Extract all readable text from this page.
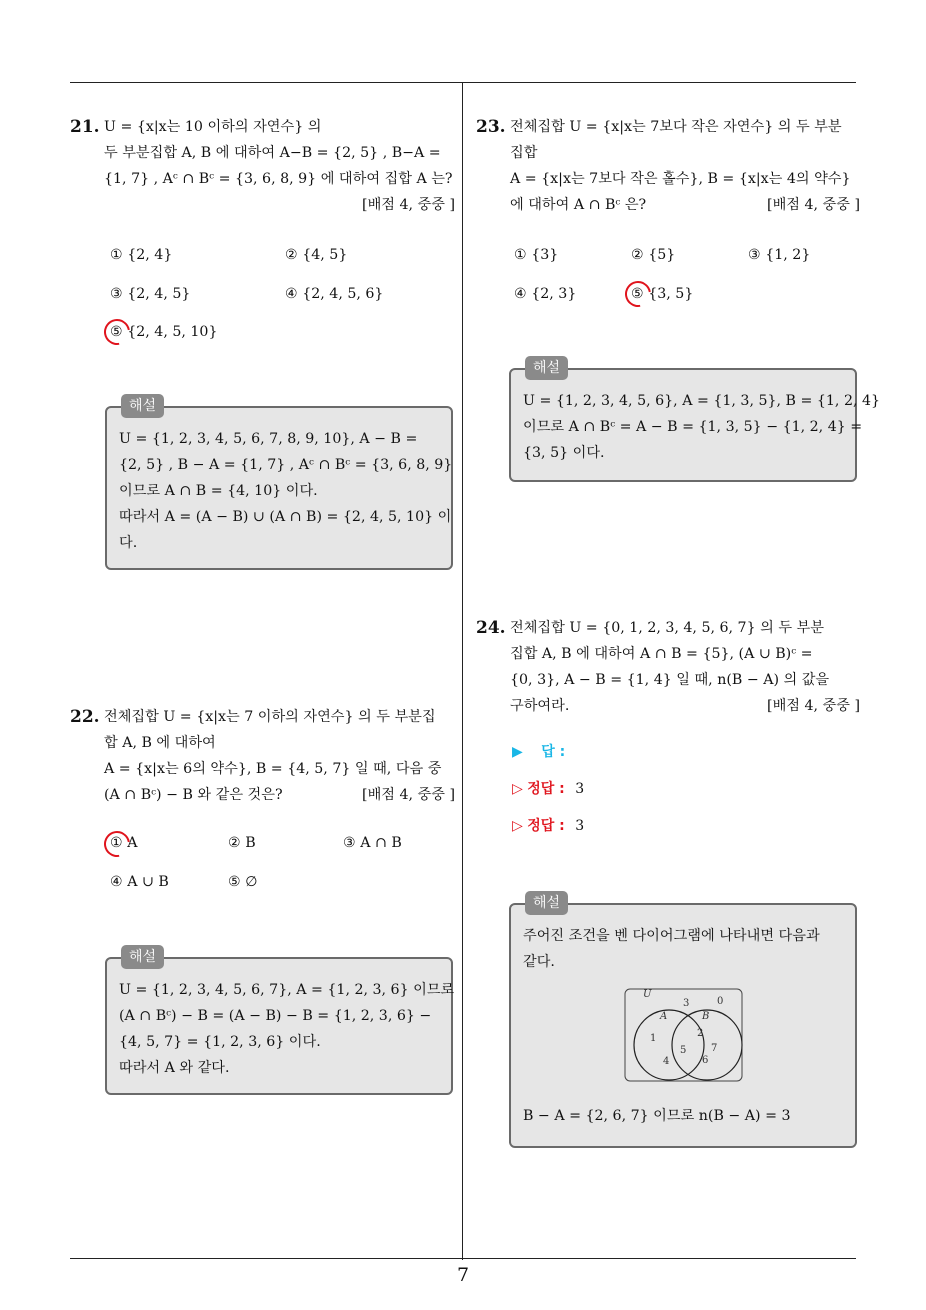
7
21. U = {x|x는 10 이하의 자연수} 의
두 부분집합 A, B 에 대하여 A−B = {2, 5} , B−A =
{1, 7} , Aᶜ ∩ Bᶜ = {3, 6, 8, 9} 에 대하여 집합 A 는?
[배점 4, 중중 ]
① {2, 4}	② {4, 5}
③ {2, 4, 5}	④ {2, 4, 5, 6}
⑤ {2, 4, 5, 10}
해설
U = {1, 2, 3, 4, 5, 6, 7, 8, 9, 10}, A − B =
{2, 5} , B − A = {1, 7} , Aᶜ ∩ Bᶜ = {3, 6, 8, 9}
이므로 A ∩ B = {4, 10} 이다.
따라서 A = (A − B) ∪ (A ∩ B) = {2, 4, 5, 10} 이
다.
22. 전체집합 U = {x|x는 7 이하의 자연수} 의 두 부분집
합 A, B 에 대하여
A = {x|x는 6의 약수}, B = {4, 5, 7} 일 때, 다음 중
(A ∩ Bᶜ) − B 와 같은 것은?	[배점 4, 중중 ]
① A	② B	③ A ∩ B
④ A ∪ B	⑤ ∅
해설
U = {1, 2, 3, 4, 5, 6, 7}, A = {1, 2, 3, 6} 이므로
(A ∩ Bᶜ) − B = (A − B) − B = {1, 2, 3, 6} −
{4, 5, 7} = {1, 2, 3, 6} 이다.
따라서 A 와 같다.
23. 전체집합 U = {x|x는 7보다 작은 자연수} 의 두 부분
집합
A = {x|x는 7보다 작은 홀수}, B = {x|x는 4의 약수}
에 대하여 A ∩ Bᶜ 은?	[배점 4, 중중 ]
① {3}	② {5}	③ {1, 2}
④ {2, 3}	⑤ {3, 5}
해설
U = {1, 2, 3, 4, 5, 6}, A = {1, 3, 5}, B = {1, 2, 4}
이므로 A ∩ Bᶜ = A − B = {1, 3, 5} − {1, 2, 4} =
{3, 5} 이다.
24. 전체집합 U = {0, 1, 2, 3, 4, 5, 6, 7} 의 두 부분
집합 A, B 에 대하여 A ∩ B = {5}, (A ∪ B)ᶜ =
{0, 3}, A − B = {1, 4} 일 때, n(B − A) 의 값을
구하여라.	[배점 4, 중중 ]
▶ 답 :
▷ 정답 : 3
▷ 정답 : 3
해설
주어진 조건을 벤 다이어그램에 나타내면 다음과
같다.
U
A	B
3	0
1
4
5
2
7
6
B − A = {2, 6, 7} 이므로 n(B − A) = 3
